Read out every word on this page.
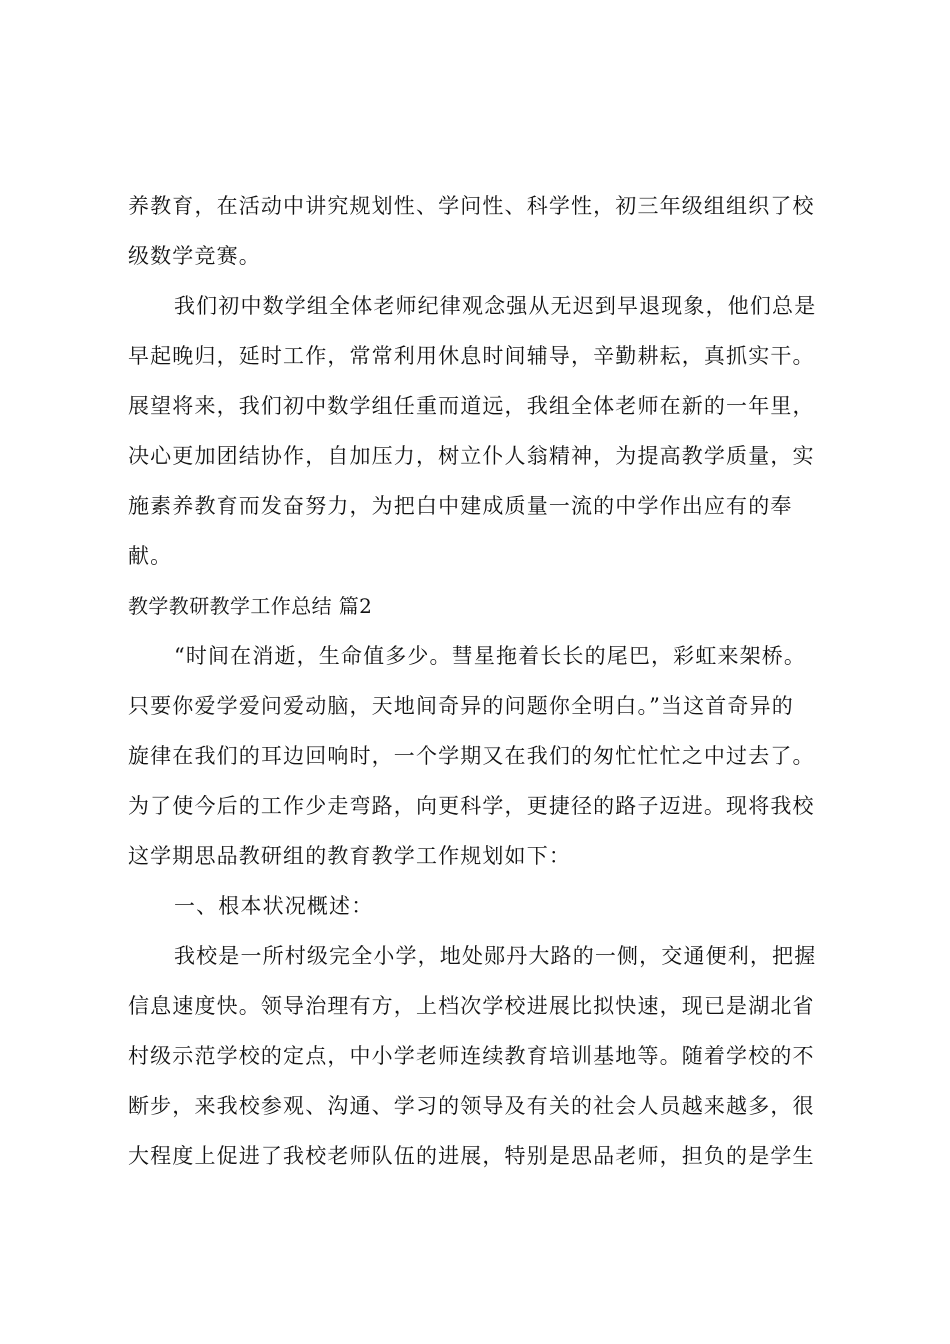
养教育，在活动中讲究规划性、学问性、科学性，初三年级组组织了校
级数学竞赛。
我们初中数学组全体老师纪律观念强从无迟到早退现象，他们总是
早起晚归，延时工作，常常利用休息时间辅导，辛勤耕耘，真抓实干。
展望将来，我们初中数学组任重而道远，我组全体老师在新的一年里，
决心更加团结协作，自加压力，树立仆人翁精神，为提高教学质量，实
施素养教育而发奋努力，为把白中建成质量一流的中学作出应有的奉
献。
教学教研教学工作总结 篇2
“时间在消逝，生命值多少。彗星拖着长长的尾巴，彩虹来架桥。
只要你爱学爱问爱动脑，天地间奇异的问题你全明白。”当这首奇异的
旋律在我们的耳边回响时，一个学期又在我们的匆忙忙忙之中过去了。
为了使今后的工作少走弯路，向更科学，更捷径的路子迈进。现将我校
这学期思品教研组的教育教学工作规划如下：
一、根本状况概述：
我校是一所村级完全小学，地处郧丹大路的一侧，交通便利，把握
信息速度快。领导治理有方，上档次学校进展比拟快速，现已是湖北省
村级示范学校的定点，中小学老师连续教育培训基地等。随着学校的不
断步，来我校参观、沟通、学习的领导及有关的社会人员越来越多，很
大程度上促进了我校老师队伍的进展，特别是思品老师，担负的是学生
